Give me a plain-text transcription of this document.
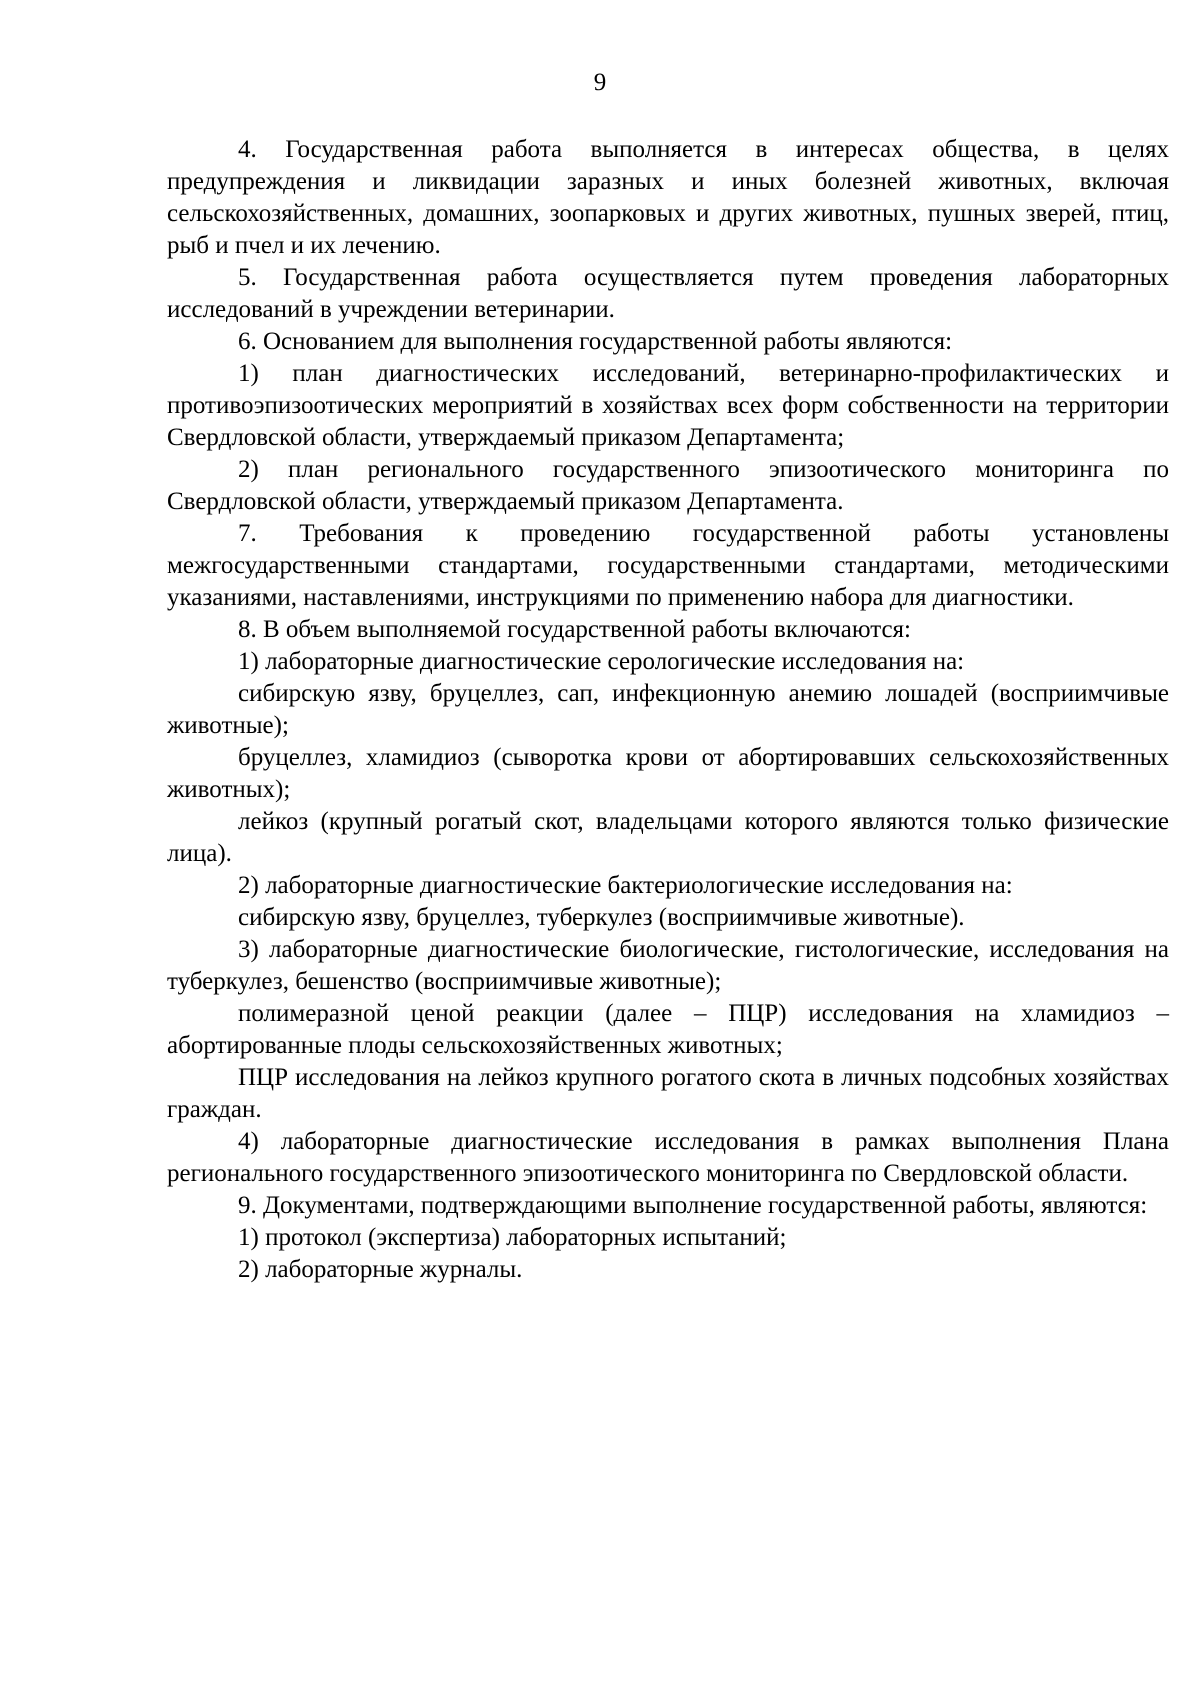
9

4. Государственная работа выполняется в интересах общества, в целях предупреждения и ликвидации заразных и иных болезней животных, включая сельскохозяйственных, домашних, зоопарковых и других животных, пушных зверей, птиц, рыб и пчел и их лечению.

5. Государственная работа осуществляется путем проведения лабораторных исследований в учреждении ветеринарии.

6. Основанием для выполнения государственной работы являются:

1) план диагностических исследований, ветеринарно-профилактических и противоэпизоотических мероприятий в хозяйствах всех форм собственности на территории Свердловской области, утверждаемый приказом Департамента;

2) план регионального государственного эпизоотического мониторинга по Свердловской области, утверждаемый приказом Департамента.

7. Требования к проведению государственной работы установлены межгосударственными стандартами, государственными стандартами, методическими указаниями, наставлениями, инструкциями по применению набора для диагностики.

8. В объем выполняемой государственной работы включаются:

1) лабораторные диагностические серологические исследования на:

сибирскую язву, бруцеллез, сап, инфекционную анемию лошадей (восприимчивые животные);

бруцеллез, хламидиоз (сыворотка крови от абортировавших сельскохозяйственных животных);

лейкоз (крупный рогатый скот, владельцами которого являются только физические лица).

2) лабораторные диагностические бактериологические исследования на:

сибирскую язву, бруцеллез, туберкулез (восприимчивые животные).

3) лабораторные диагностические биологические, гистологические, исследования на туберкулез, бешенство (восприимчивые животные);

полимеразной ценой реакции (далее – ПЦР) исследования на хламидиоз – абортированные плоды сельскохозяйственных животных;

ПЦР исследования на лейкоз крупного рогатого скота в личных подсобных хозяйствах граждан.

4) лабораторные диагностические исследования в рамках выполнения Плана регионального государственного эпизоотического мониторинга по Свердловской области.

9. Документами, подтверждающими выполнение государственной работы, являются:

1) протокол (экспертиза) лабораторных испытаний;

2) лабораторные журналы.
